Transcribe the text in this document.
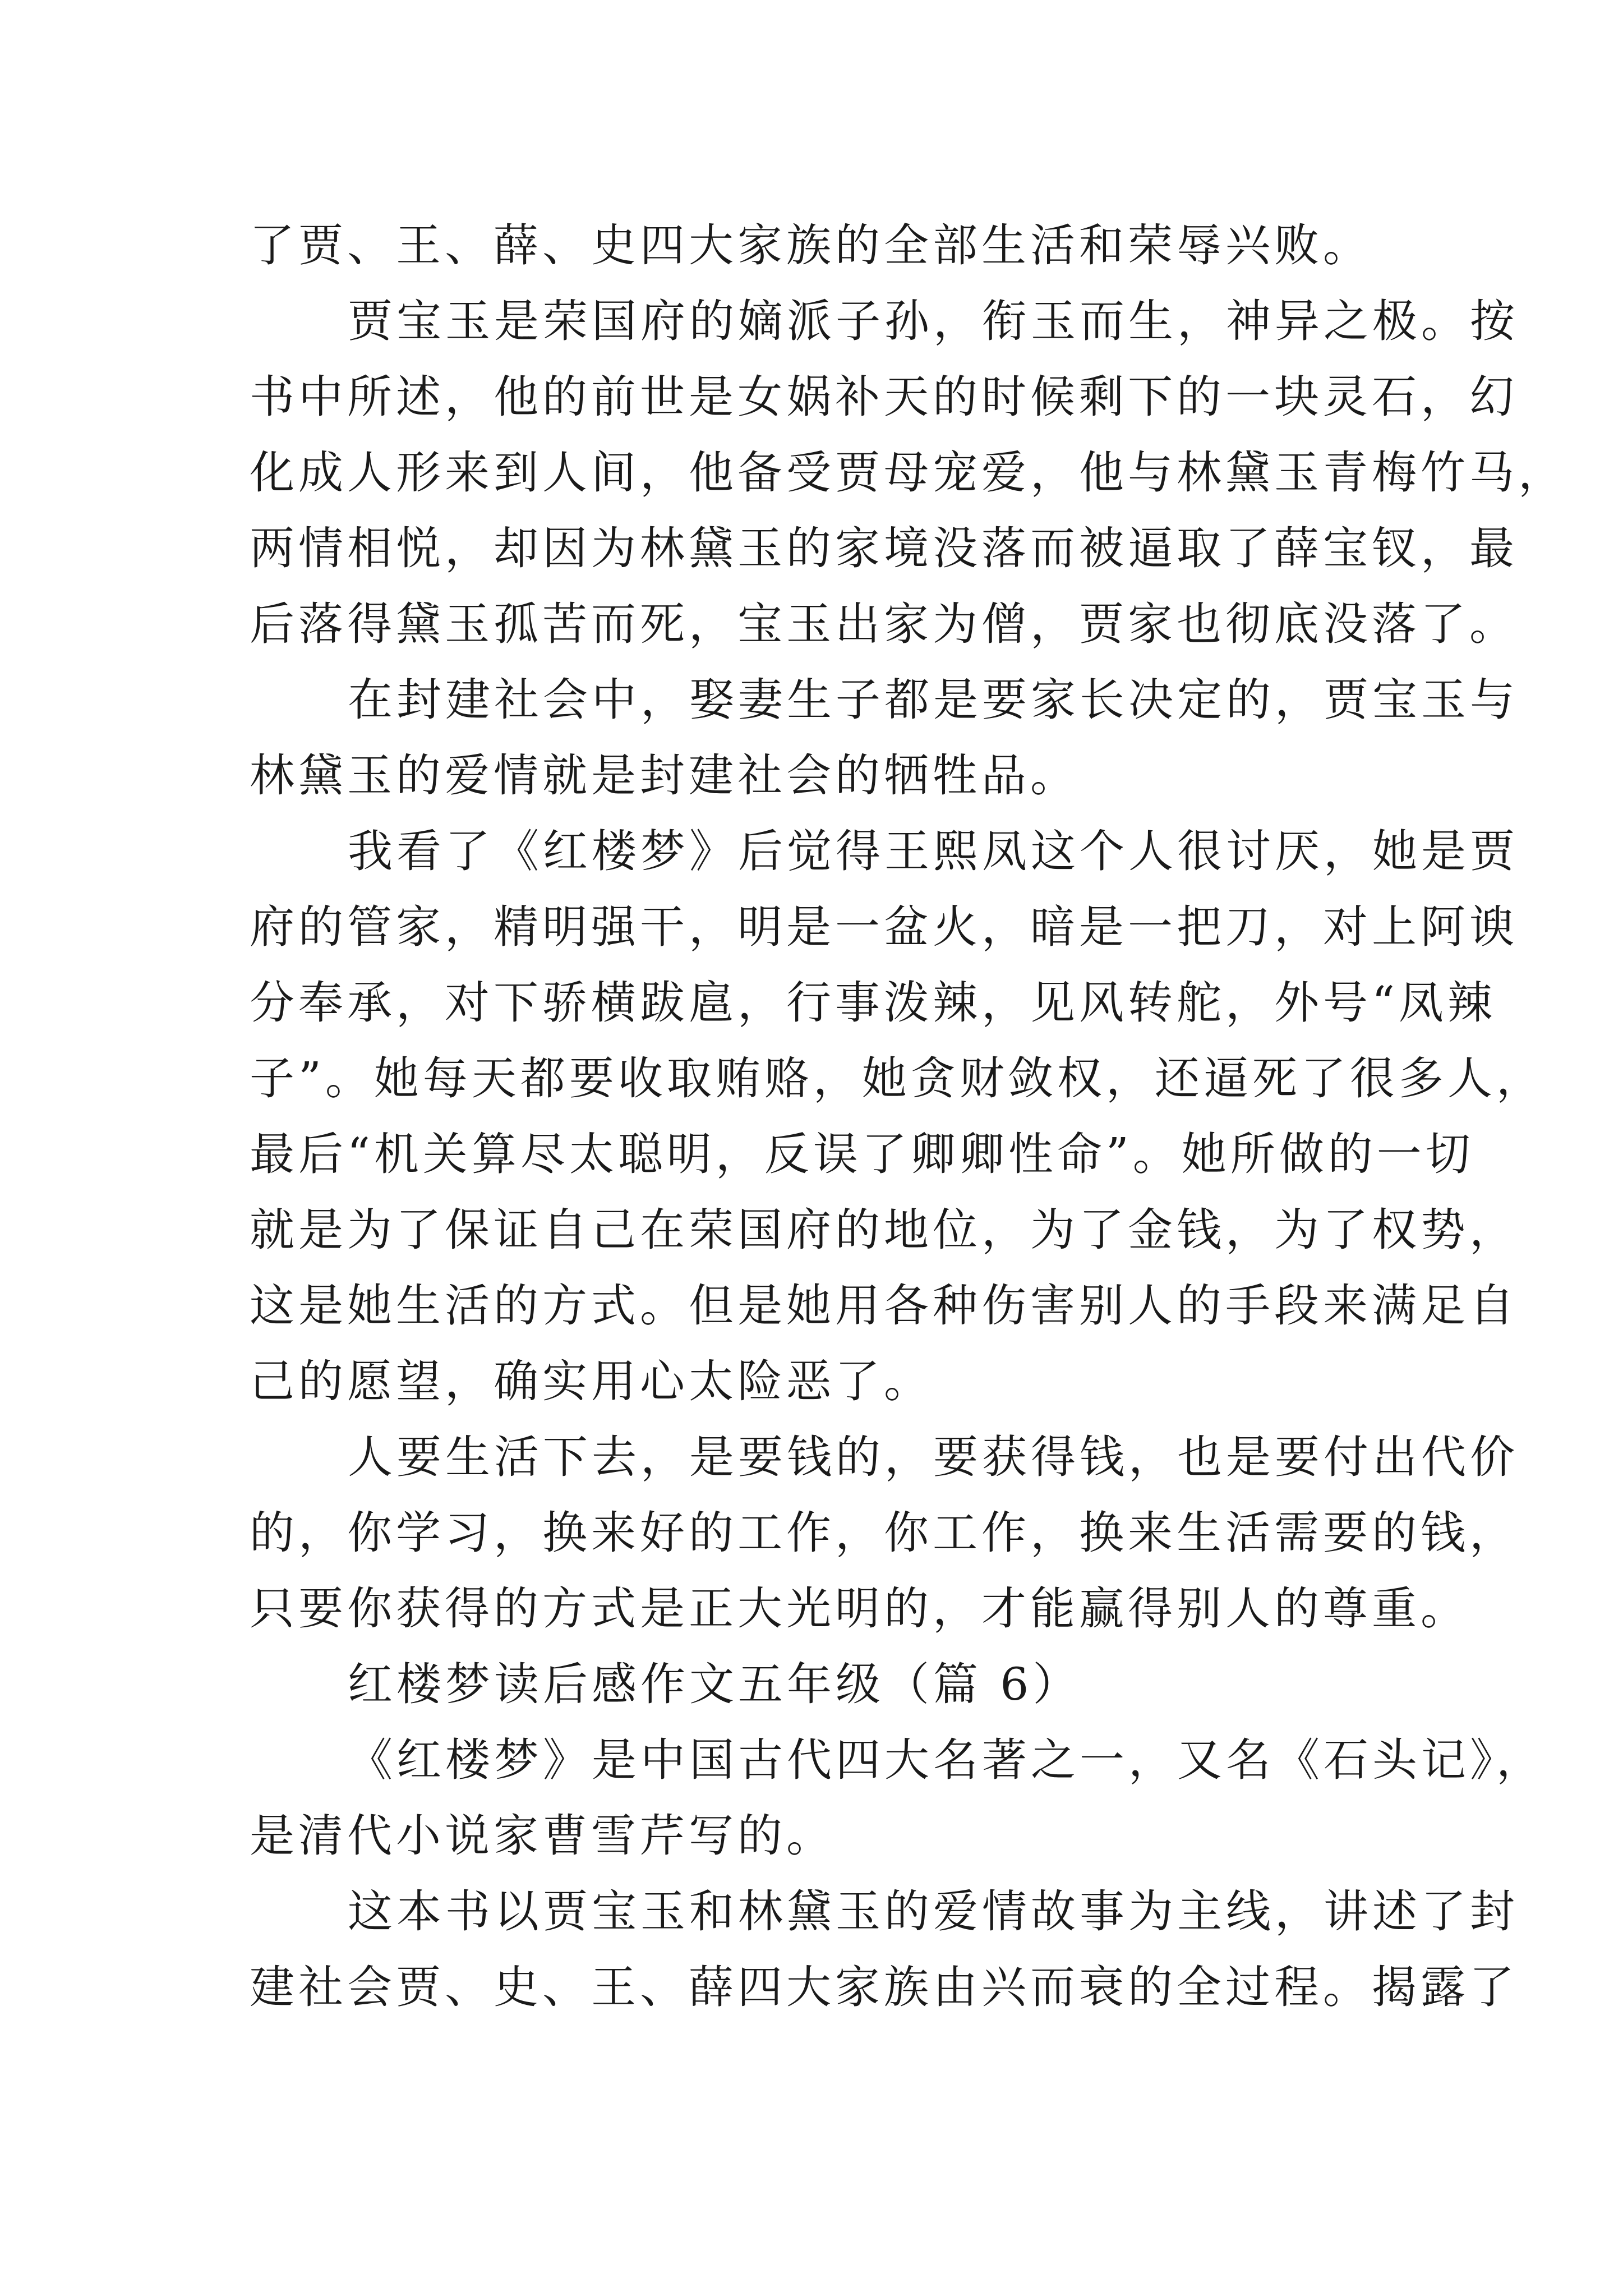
了贾、王、薛、史四大家族的全部生活和荣辱兴败。
贾宝玉是荣国府的嫡派子孙，衔玉而生，神异之极。按
书中所述，他的前世是女娲补天的时候剩下的一块灵石，幻
化成人形来到人间，他备受贾母宠爱，他与林黛玉青梅竹马，
两情相悦，却因为林黛玉的家境没落而被逼取了薛宝钗，最
后落得黛玉孤苦而死，宝玉出家为僧，贾家也彻底没落了。
在封建社会中，娶妻生子都是要家长决定的，贾宝玉与
林黛玉的爱情就是封建社会的牺牲品。
我看了《红楼梦》后觉得王熙凤这个人很讨厌，她是贾
府的管家，精明强干，明是一盆火，暗是一把刀，对上阿谀
分奉承，对下骄横跋扈，行事泼辣，见风转舵，外号“凤辣
子”。她每天都要收取贿赂，她贪财敛权，还逼死了很多人，
最后“机关算尽太聪明，反误了卿卿性命”。她所做的一切
就是为了保证自己在荣国府的地位，为了金钱，为了权势，
这是她生活的方式。但是她用各种伤害别人的手段来满足自
己的愿望，确实用心太险恶了。
人要生活下去，是要钱的，要获得钱，也是要付出代价
的，你学习，换来好的工作，你工作，换来生活需要的钱，
只要你获得的方式是正大光明的，才能赢得别人的尊重。
红楼梦读后感作文五年级（篇 6）
《红楼梦》是中国古代四大名著之一，又名《石头记》，
是清代小说家曹雪芹写的。
这本书以贾宝玉和林黛玉的爱情故事为主线，讲述了封
建社会贾、史、王、薛四大家族由兴而衰的全过程。揭露了
